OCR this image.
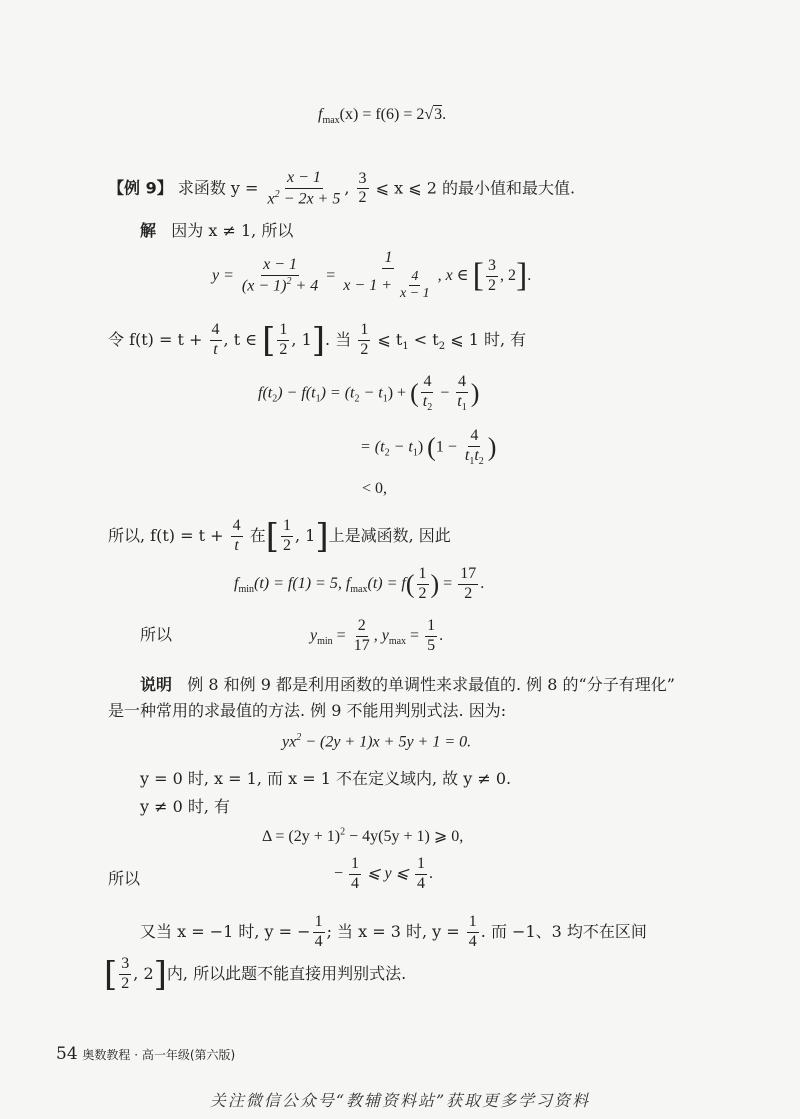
$f_{max}(x) = f(6) = 2√3$.
【例 9】 求函数 $y = \frac{x - 1}{x^2 - 2x + 5}$ , $\frac{3}{2}$ ⩽ x ⩽ 2 的最小值和最大值.
解 因为 x ≠ 1, 所以
$y = \frac{x - 1}{(x - 1)^2 + 4} = \frac{1}{x - 1 + \frac{4}{x - 1}}$ , x ∈ [ $\frac{3}{2}$ , 2].
令 $f(t) = t + \frac{4}{t}$ , t ∈ [ $\frac{1}{2}$ , 1]. 当 $\frac{1}{2}$ ⩽ $t_1 < t_2$ ⩽ 1 时, 有
$f(t_2) - f(t_1) = (t_2 - t_1)$ + ( $\frac{4}{t_2} - \frac{4}{t_1}$ )
= $(t_2 - t_1) (1 - \frac{4}{t_1t_2}$ )
< 0,
所以, $f(t) = t + \frac{4}{t}$ 在[ $\frac{1}{2}$ , 1]上是减函数, 因此
$f_{min}(t) = f(1) = 5$, $f_{max}(t) = f( \frac{1}{2}$ ) = $\frac{17}{2}$ .
所以	$y_{min} = \frac{2}{17}$ , $y_{max} = \frac{1}{5}$ .
说明 例 8 和例 9 都是利用函数的单调性来求最值的. 例 8 的“分子有理化”
是一种常用的求最值的方法. 例 9 不能用判别式法. 因为:
$yx^2 - (2y + 1)x + 5y + 1 = 0$.
y = 0 时, x = 1, 而 x = 1 不在定义域内, 故 y ≠ 0.
y ≠ 0 时, 有
$\Delta = (2y + 1)^2 - 4y(5y + 1)$ ⩾ 0,
所以	− $\frac{1}{4}$ ⩽ y ⩽ $\frac{1}{4}$ .
又当 x = −1 时, y = − $\frac{1}{4}$ ; 当 x = 3 时, $y = \frac{1}{4}$ . 而 −1、3 均不在区间
[ $\frac{3}{2}$ , 2]内, 所以此题不能直接用判别式法.
54 奥数教程 · 高一年级(第六版)
关注微信公众号“教辅资料站”获取更多学习资料
